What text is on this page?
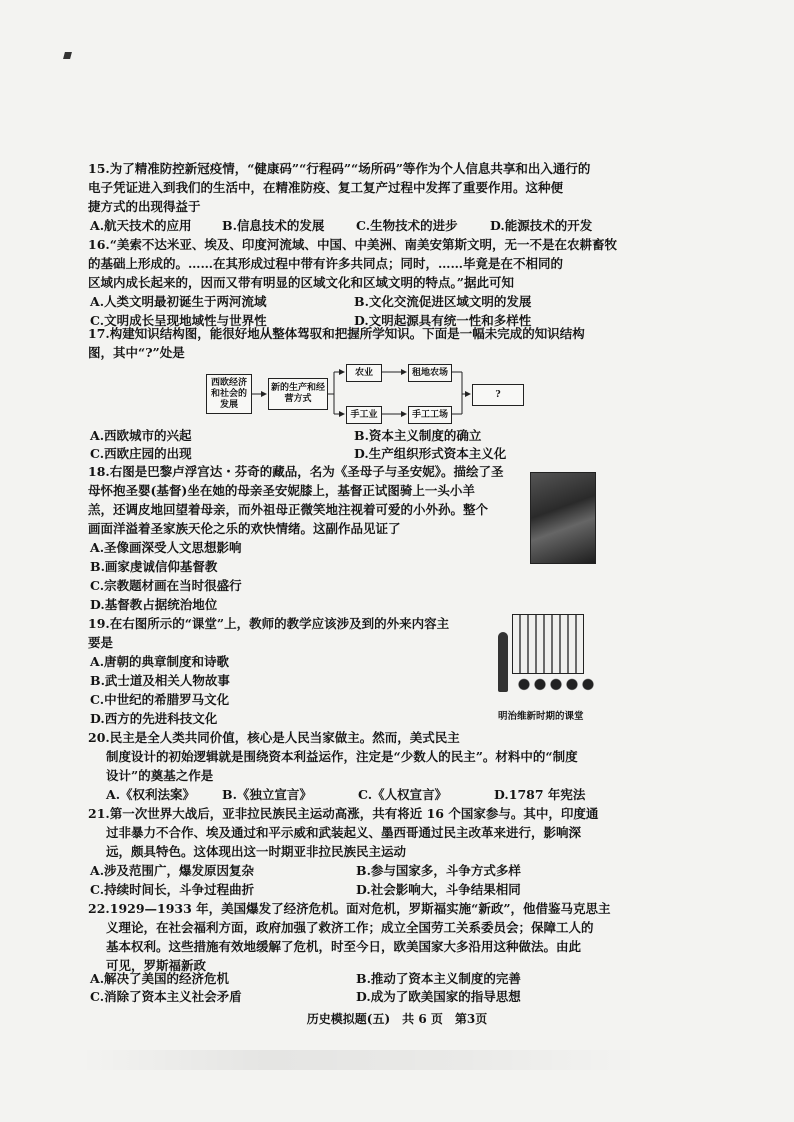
15.为了精准防控新冠疫情，“健康码”“行程码”“场所码”等作为个人信息共享和出入通行的
电子凭证进入到我们的生活中，在精准防疫、复工复产过程中发挥了重要作用。这种便
捷方式的出现得益于
A.航天技术的应用 B.信息技术的发展	C.生物技术的进步	D.能源技术的开发
16.“美索不达米亚、埃及、印度河流域、中国、中美洲、南美安第斯文明，无一不是在农耕畜牧
的基础上形成的。……在其形成过程中带有许多共同点；同时，……毕竟是在不相同的
区域内成长起来的，因而又带有明显的区域文化和区域文明的特点。”据此可知
A.人类文明最初诞生于两河流域	B.文化交流促进区域文明的发展
C.文明成长呈现地域性与世界性	D.文明起源具有统一性和多样性
17.构建知识结构图，能很好地从整体驾驭和把握所学知识。下面是一幅未完成的知识结构
图，其中“?”处是
西欧经济和社会的发展
新的生产和经营方式
农业	租地农场
手工业	手工工场
?
A.西欧城市的兴起	B.资本主义制度的确立
C.西欧庄园的出现	D.生产组织形式资本主义化
18.右图是巴黎卢浮宫达・芬奇的藏品，名为《圣母子与圣安妮》。描绘了圣
母怀抱圣婴(基督)坐在她的母亲圣安妮膝上，基督正试图骑上一头小羊
羔，还调皮地回望着母亲，而外祖母正微笑地注视着可爱的小外孙。整个
画面洋溢着圣家族天伦之乐的欢快情绪。这副作品见证了
A.圣像画深受人文思想影响
B.画家虔诚信仰基督教
C.宗教题材画在当时很盛行
D.基督教占据统治地位
19.在右图所示的“课堂”上，教师的教学应该涉及到的外来内容主
要是
A.唐朝的典章制度和诗歌
B.武士道及相关人物故事
C.中世纪的希腊罗马文化
D.西方的先进科技文化	明治维新时期的课堂
20.民主是全人类共同价值，核心是人民当家做主。然而，美式民主
制度设计的初始逻辑就是围绕资本利益运作，注定是“少数人的民主”。材料中的“制度
设计”的奠基之作是
A.《权利法案》 B.《独立宣言》	C.《人权宣言》	D.1787 年宪法
21.第一次世界大战后，亚非拉民族民主运动高涨，共有将近 16 个国家参与。其中，印度通
过非暴力不合作、埃及通过和平示威和武装起义、墨西哥通过民主改革来进行，影响深
远，颇具特色。这体现出这一时期亚非拉民族民主运动
A.涉及范围广，爆发原因复杂	B.参与国家多，斗争方式多样
C.持续时间长，斗争过程曲折	D.社会影响大，斗争结果相同
22.1929—1933 年，美国爆发了经济危机。面对危机，罗斯福实施“新政”，他借鉴马克思主
义理论，在社会福利方面，政府加强了救济工作；成立全国劳工关系委员会；保障工人的
基本权利。这些措施有效地缓解了危机，时至今日，欧美国家大多沿用这种做法。由此
可见，罗斯福新政
A.解决了美国的经济危机	B.推动了资本主义制度的完善
C.消除了资本主义社会矛盾	D.成为了欧美国家的指导思想
历史模拟题(五)　共 6 页　第3页
